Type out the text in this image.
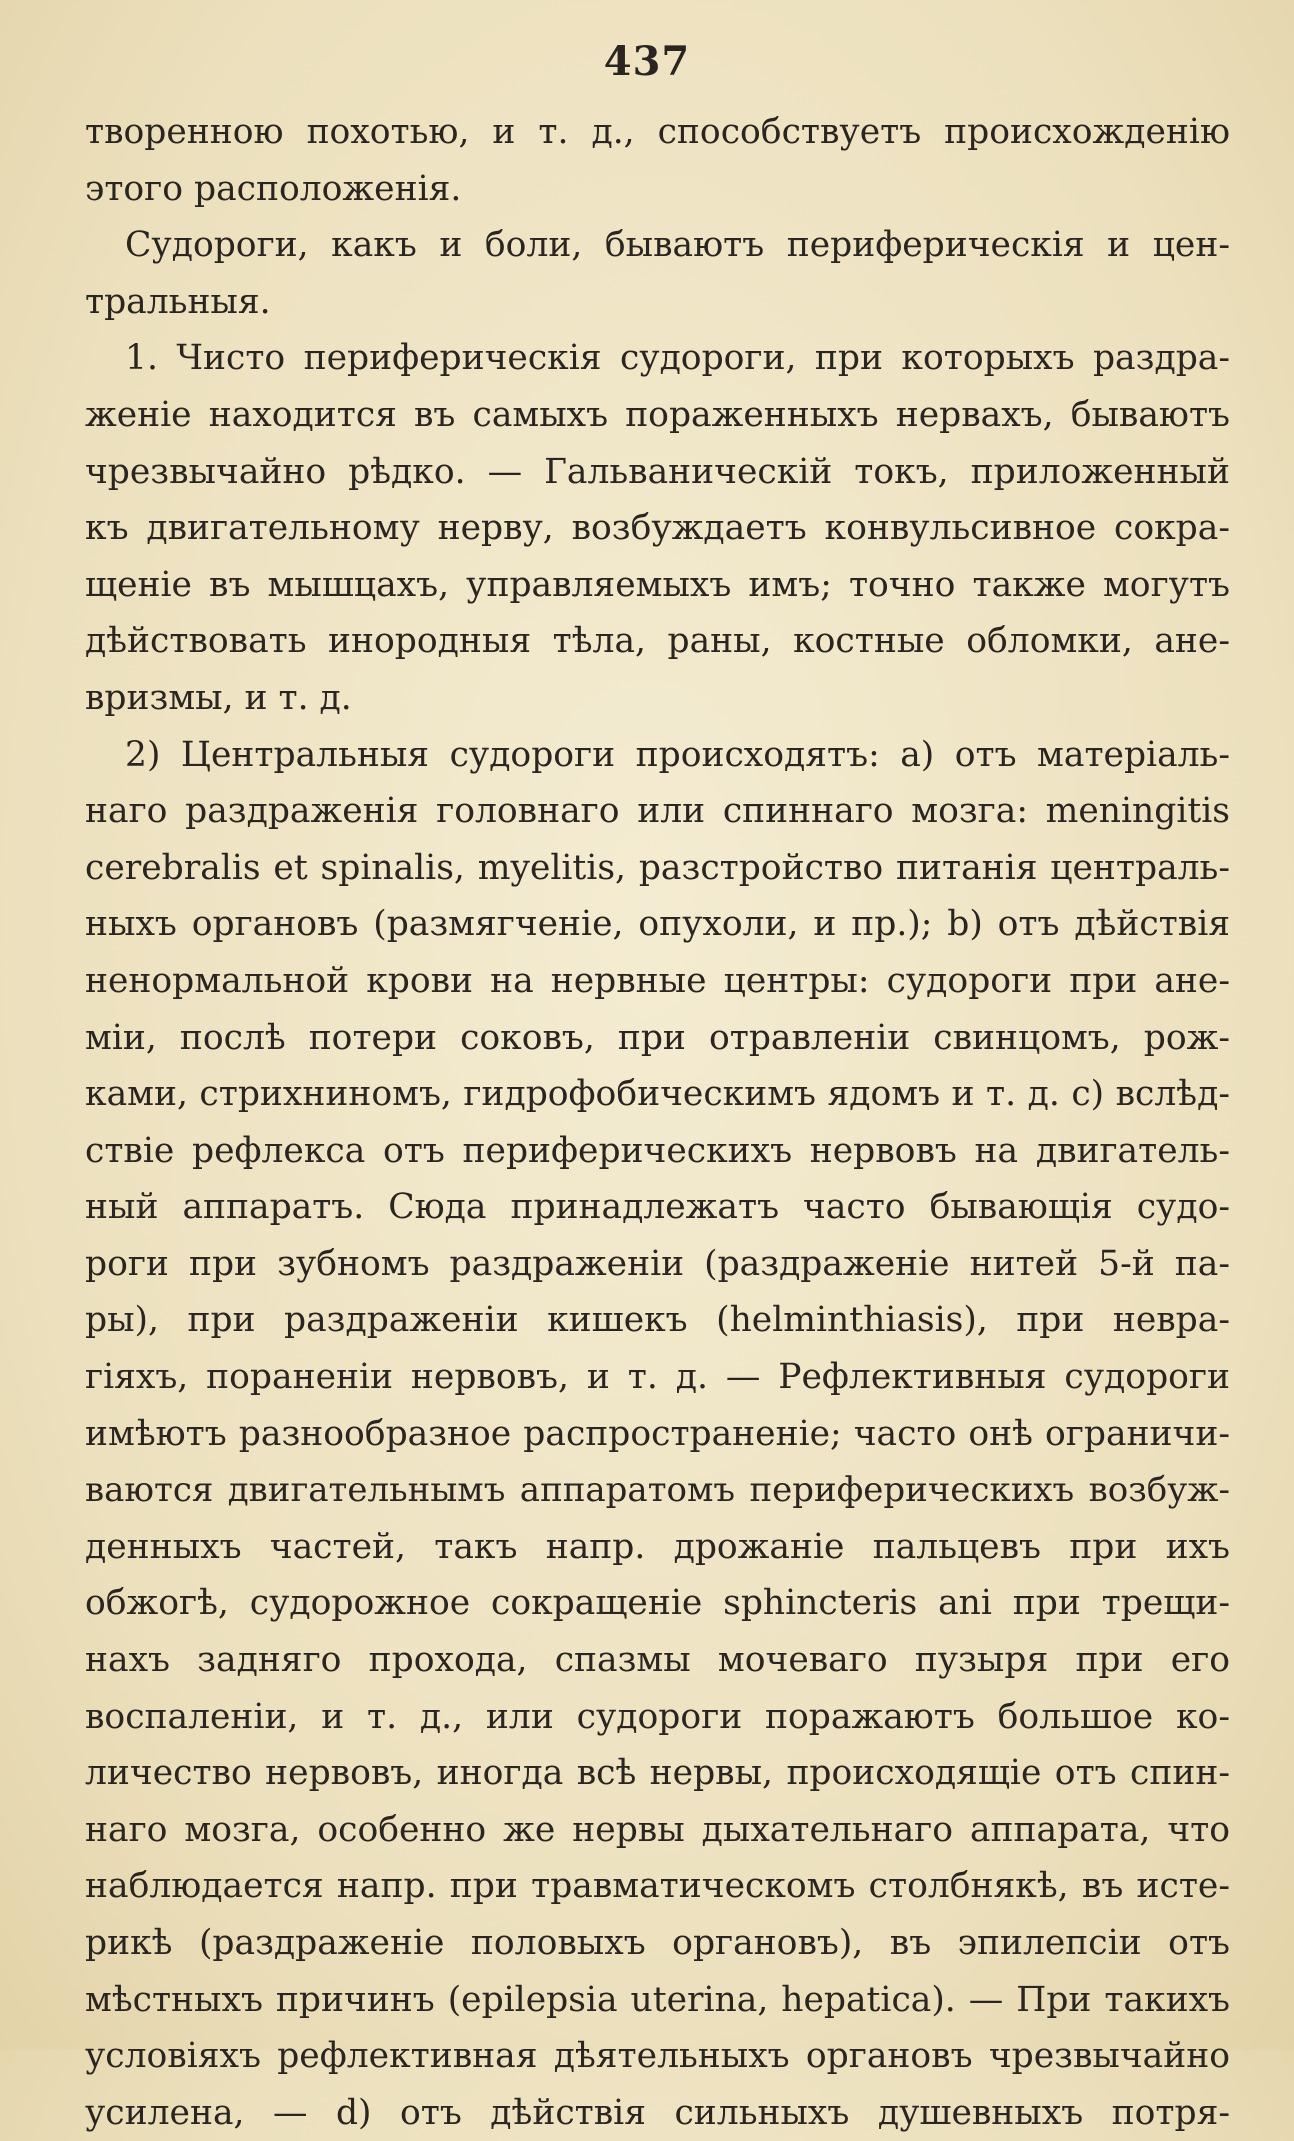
437
творенною похотью, и т. д., способствуетъ происхожденію
этого расположенія.
Судороги, какъ и боли, бываютъ периферическія и цен-
тральныя.
1. Чисто периферическія судороги, при которыхъ раздра-
женіе находится въ самыхъ пораженныхъ нервахъ, бываютъ
чрезвычайно рѣдко. — Гальваническій токъ, приложенный
къ двигательному нерву, возбуждаетъ конвульсивное сокра-
щеніе въ мышцахъ, управляемыхъ имъ; точно также могутъ
дѣйствовать инородныя тѣла, раны, костные обломки, ане-
вризмы, и т. д.
2) Центральныя судороги происходятъ: a) отъ матеріаль-
наго раздраженія головнаго или спиннаго мозга: meningitis
cerebralis et spinalis, myelitis, разстройство питанія централь-
ныхъ органовъ (размягченіе, опухоли, и пр.); b) отъ дѣйствія
ненормальной крови на нервные центры: судороги при ане-
міи, послѣ потери соковъ, при отравленіи свинцомъ, рож-
ками, стрихниномъ, гидрофобическимъ ядомъ и т. д. c) вслѣд-
ствіе рефлекса отъ периферическихъ нервовъ на двигатель-
ный аппаратъ. Сюда принадлежатъ часто бывающія судо-
роги при зубномъ раздраженіи (раздраженіе нитей 5-й па-
ры), при раздраженіи кишекъ (helminthiasis), при невра-
гіяхъ, пораненіи нервовъ, и т. д. — Рефлективныя судороги
имѣютъ разнообразное распространеніе; часто онѣ ограничи-
ваются двигательнымъ аппаратомъ периферическихъ возбуж-
денныхъ частей, такъ напр. дрожаніе пальцевъ при ихъ
обжогѣ, судорожное сокращеніе sphincteris ani при трещи-
нахъ задняго прохода, спазмы мочеваго пузыря при его
воспаленіи, и т. д., или судороги поражаютъ большое ко-
личество нервовъ, иногда всѣ нервы, происходящіе отъ спин-
наго мозга, особенно же нервы дыхательнаго аппарата, что
наблюдается напр. при травматическомъ столбнякѣ, въ исте-
рикѣ (раздраженіе половыхъ органовъ), въ эпилепсіи отъ
мѣстныхъ причинъ (epilepsia uterina, hepatica). — При такихъ
условіяхъ рефлективная дѣятельныхъ органовъ чрезвычайно
усилена, — d) отъ дѣйствія сильныхъ душевныхъ потря-
